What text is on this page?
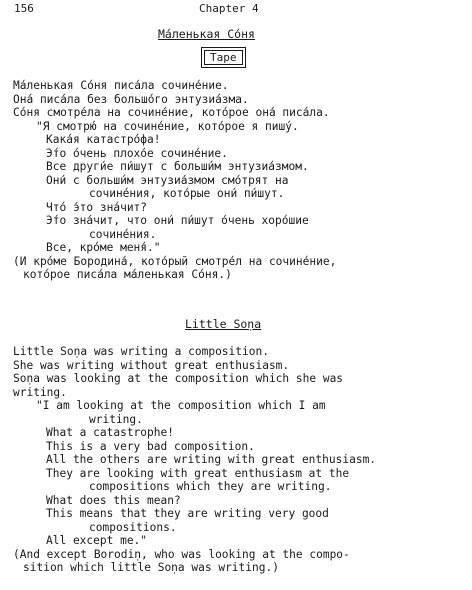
156	Chapter 4
Ма́ленькая Со́ня
Tape
Ма́ленькая Со́ня писа́ла сочине́ние.
Она́ писа́ла без большо́го энтузиа́зма.
Со́ня смотре́ла на сочине́ние, кото́рое она́ писа́ла.
"Я смотрю́ на сочине́ние, кото́рое я пишу́.
Кака́я катастро́фа!
Э́то о́чень плохо́е сочине́ние.
Все други́е пи́шут с больши́м энтузиа́змом.
Они́ с больши́м энтузиа́змом смо́трят на
сочине́ния, кото́рые они́ пи́шут.
Что́ э́то зна́чит?
Э́то зна́чит, что они́ пи́шут о́чень хоро́шие
сочине́ния.
Все, кро́ме меня́."
(И кро́ме Бородина́, кото́рый смотре́л на сочине́ние,
кото́рое писа́ла ма́ленькая Со́ня.)
Little Soṇa
Little Soṇa was writing a composition.
She was writing without great enthusiasm.
Soṇa was looking at the composition which she was
writing.
"I am looking at the composition which I am
writing.
What a catastrophe!
This is a very bad composition.
All the others are writing with great enthusiasm.
They are looking with great enthusiasm at the
compositions which they are writing.
What does this mean?
This means that they are writing very good
compositions.
All except me."
(And except Borodiṇ, who was looking at the compo-
sition which little Soṇa was writing.)
